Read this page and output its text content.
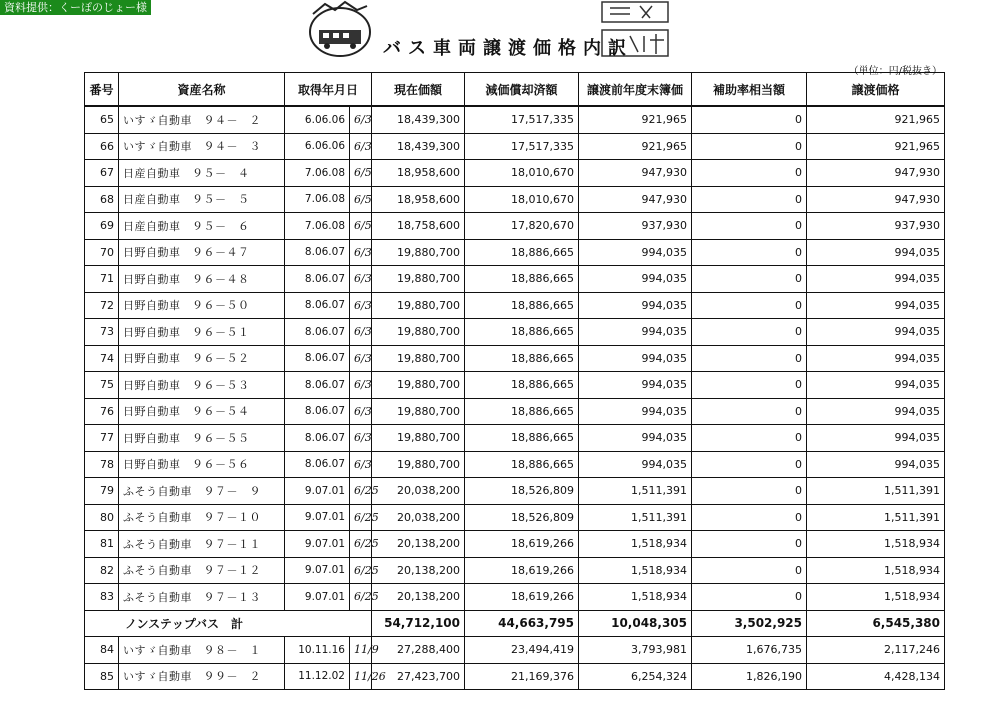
資料提供：くーぽのじょー様
バス車両譲渡価格内訳
（単位：円/税抜き）
番号	資産名称	取得年月日		現在価額	減価償却済額	譲渡前年度末簿価	補助率相当額	譲渡価格
65	いすゞ自動車　９４－　２	6.06.06	6/3	18,439,300	17,517,335	921,965	0	921,965
66	いすゞ自動車　９４－　３	6.06.06	6/3	18,439,300	17,517,335	921,965	0	921,965
67	日産自動車　９５－　４	7.06.08	6/5	18,958,600	18,010,670	947,930	0	947,930
68	日産自動車　９５－　５	7.06.08	6/5	18,958,600	18,010,670	947,930	0	947,930
69	日産自動車　９５－　６	7.06.08	6/5	18,758,600	17,820,670	937,930	0	937,930
70	日野自動車　９６－４７	8.06.07	6/3	19,880,700	18,886,665	994,035	0	994,035
71	日野自動車　９６－４８	8.06.07	6/3	19,880,700	18,886,665	994,035	0	994,035
72	日野自動車　９６－５０	8.06.07	6/3	19,880,700	18,886,665	994,035	0	994,035
73	日野自動車　９６－５１	8.06.07	6/3	19,880,700	18,886,665	994,035	0	994,035
74	日野自動車　９６－５２	8.06.07	6/3	19,880,700	18,886,665	994,035	0	994,035
75	日野自動車　９６－５３	8.06.07	6/3	19,880,700	18,886,665	994,035	0	994,035
76	日野自動車　９６－５４	8.06.07	6/3	19,880,700	18,886,665	994,035	0	994,035
77	日野自動車　９６－５５	8.06.07	6/3	19,880,700	18,886,665	994,035	0	994,035
78	日野自動車　９６－５６	8.06.07	6/3	19,880,700	18,886,665	994,035	0	994,035
79	ふそう自動車　９７－　９	9.07.01	6/25	20,038,200	18,526,809	1,511,391	0	1,511,391
80	ふそう自動車　９７－１０	9.07.01	6/25	20,038,200	18,526,809	1,511,391	0	1,511,391
81	ふそう自動車　９７－１１	9.07.01	6/25	20,138,200	18,619,266	1,518,934	0	1,518,934
82	ふそう自動車　９７－１２	9.07.01	6/25	20,138,200	18,619,266	1,518,934	0	1,518,934
83	ふそう自動車　９７－１３	9.07.01	6/25	20,138,200	18,619,266	1,518,934	0	1,518,934
ノンステップバス　計				54,712,100	44,663,795	10,048,305	3,502,925	6,545,380
84	いすゞ自動車　９８－　１	10.11.16	11/9	27,288,400	23,494,419	3,793,981	1,676,735	2,117,246
85	いすゞ自動車　９９－　２	11.12.02	11/26	27,423,700	21,169,376	6,254,324	1,826,190	4,428,134
